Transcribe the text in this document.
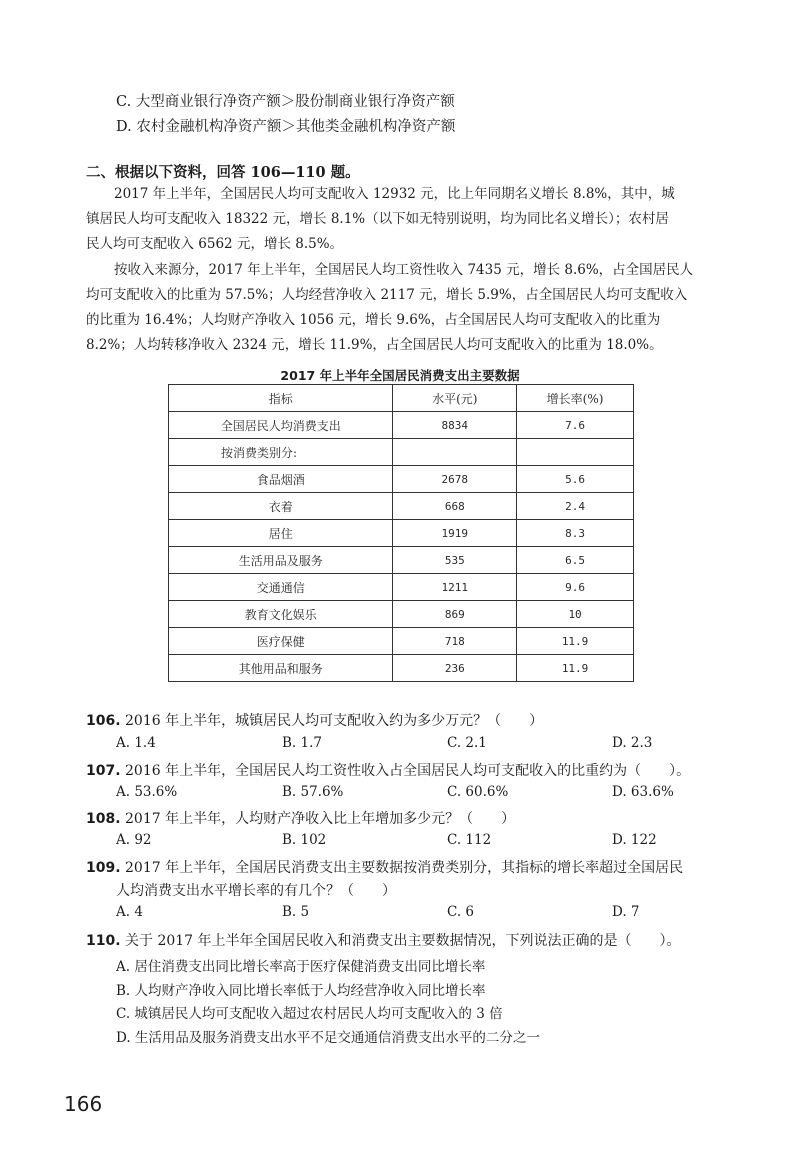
C. 大型商业银行净资产额＞股份制商业银行净资产额
D. 农村金融机构净资产额＞其他类金融机构净资产额
二、根据以下资料，回答 106—110 题。
2017 年上半年，全国居民人均可支配收入 12932 元，比上年同期名义增长 8.8%，其中，城
镇居民人均可支配收入 18322 元，增长 8.1%（以下如无特别说明，均为同比名义增长）；农村居
民人均可支配收入 6562 元，增长 8.5%。
按收入来源分，2017 年上半年，全国居民人均工资性收入 7435 元，增长 8.6%，占全国居民人
均可支配收入的比重为 57.5%；人均经营净收入 2117 元，增长 5.9%，占全国居民人均可支配收入
的比重为 16.4%；人均财产净收入 1056 元，增长 9.6%，占全国居民人均可支配收入的比重为
8.2%；人均转移净收入 2324 元，增长 11.9%，占全国居民人均可支配收入的比重为 18.0%。
2017 年上半年全国居民消费支出主要数据
指标	水平(元)	增长率(%)
全国居民人均消费支出	8834	7.6
按消费类别分:		
食品烟酒	2678	5.6
衣着	668	2.4
居住	1919	8.3
生活用品及服务	535	6.5
交通通信	1211	9.6
教育文化娱乐	869	10
医疗保健	718	11.9
其他用品和服务	236	11.9
106. 2016 年上半年，城镇居民人均可支配收入约为多少万元？（　　）
A. 1.4	B. 1.7	C. 2.1	D. 2.3
107. 2016 年上半年，全国居民人均工资性收入占全国居民人均可支配收入的比重约为（　　）。
A. 53.6%	B. 57.6%	C. 60.6%	D. 63.6%
108. 2017 年上半年，人均财产净收入比上年增加多少元？（　　）
A. 92	B. 102	C. 112	D. 122
109. 2017 年上半年，全国居民消费支出主要数据按消费类别分，其指标的增长率超过全国居民
人均消费支出水平增长率的有几个？（　　）
A. 4	B. 5	C. 6	D. 7
110. 关于 2017 年上半年全国居民收入和消费支出主要数据情况，下列说法正确的是（　　）。
A. 居住消费支出同比增长率高于医疗保健消费支出同比增长率
B. 人均财产净收入同比增长率低于人均经营净收入同比增长率
C. 城镇居民人均可支配收入超过农村居民人均可支配收入的 3 倍
D. 生活用品及服务消费支出水平不足交通通信消费支出水平的二分之一
166
